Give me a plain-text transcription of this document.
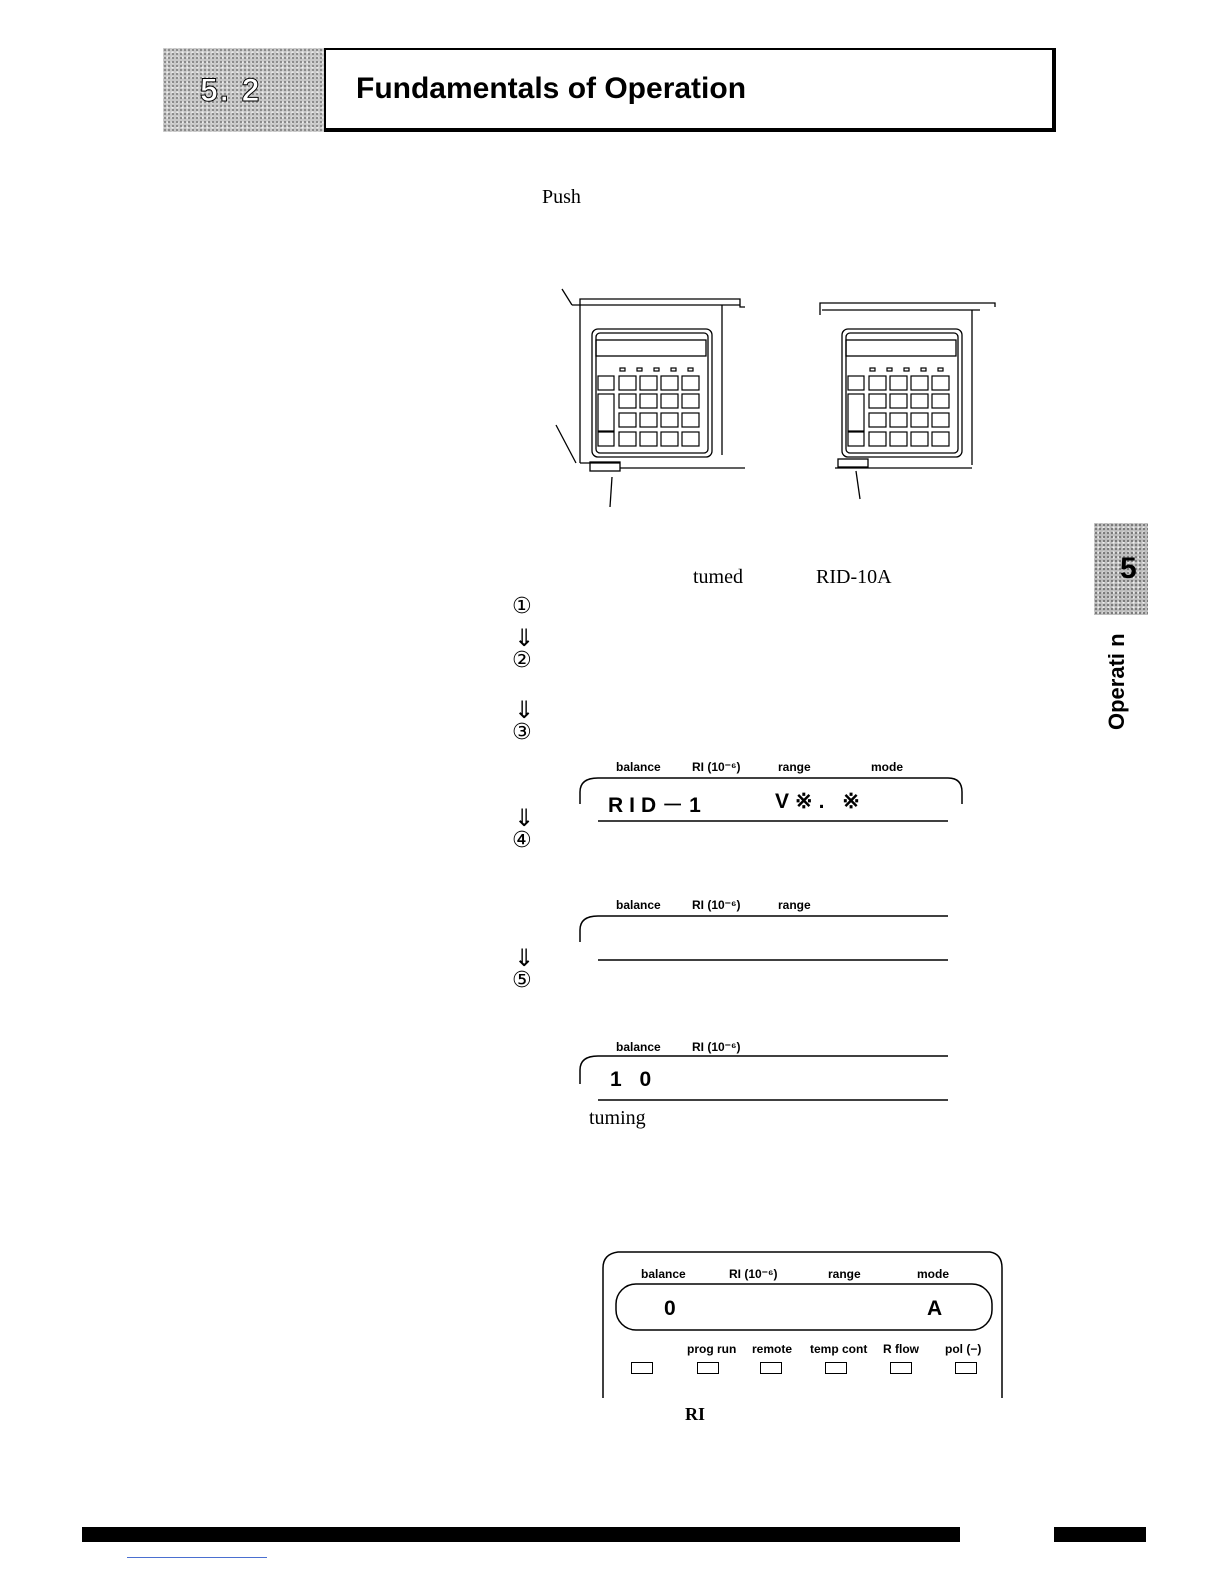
5. 2	Fundamentals of Operation
Push
5
Operati n
tumed	RID-10A
①
⇓
②
⇓
③
⇓
④
⇓
⑤
balance	RI (10⁻⁶)	range	mode
RID－1	V※. ※
balance	RI (10⁻⁶)	range
balance	RI (10⁻⁶)
1 0
tuming
balance	RI (10⁻⁶)	range	mode
0	A
prog run remote temp cont R flow pol (−)
RI
